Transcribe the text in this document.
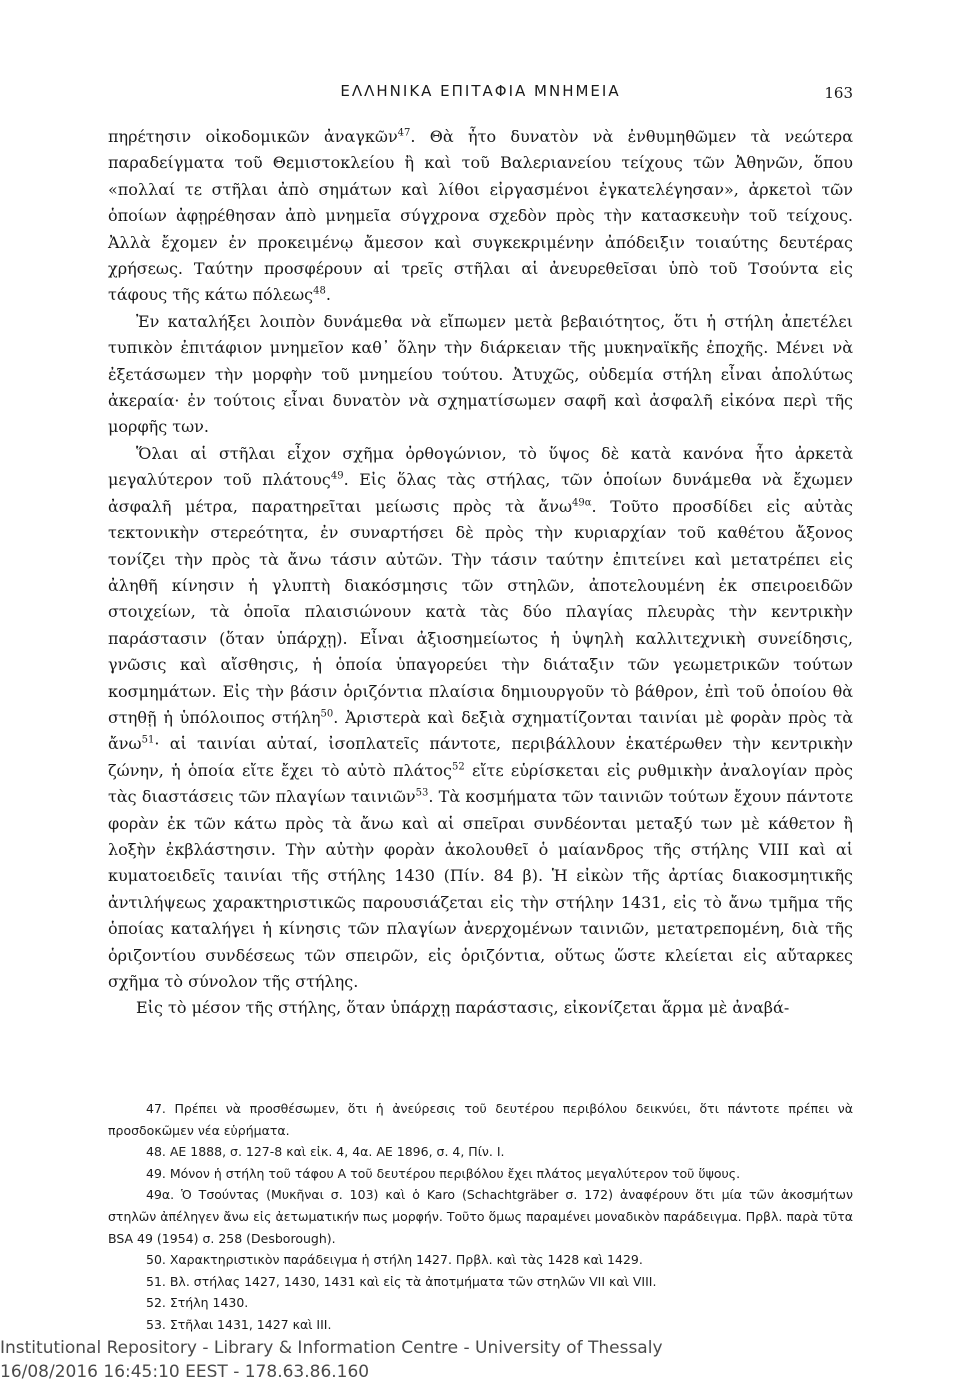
ΕΛΛΗΝΙΚΑ ΕΠΙΤΑΦΙΑ ΜΝΗΜΕΙΑ	163

πηρέτησιν οἰκοδομικῶν ἀναγκῶν$^{47}$. Θὰ ἦτο δυνατὸν νὰ ἐνθυμηθῶμεν τὰ νεώτερα παραδείγματα τοῦ Θεμιστοκλείου ἢ καὶ τοῦ Βαλεριανείου τείχους τῶν Ἀθηνῶν, ὅπου «πολλαί τε στῆλαι ἀπὸ σημάτων καὶ λίθοι εἰργασμένοι ἐγκατελέγησαν», ἀρκετοὶ τῶν ὁποίων ἀφῃρέθησαν ἀπὸ μνημεῖα σύγχρονα σχεδὸν πρὸς τὴν κατασκευὴν τοῦ τείχους. Ἀλλὰ ἔχομεν ἐν προκειμένῳ ἄμεσον καὶ συγκεκριμένην ἀπόδειξιν τοιαύτης δευτέρας χρήσεως. Ταύτην προσφέρουν αἱ τρεῖς στῆλαι αἱ ἀνευρεθεῖσαι ὑπὸ τοῦ Τσούντα εἰς τάφους τῆς κάτω πόλεως$^{48}$.

Ἐν καταλήξει λοιπὸν δυνάμεθα νὰ εἴπωμεν μετὰ βεβαιότητος, ὅτι ἡ στήλη ἀπετέλει τυπικὸν ἐπιτάφιον μνημεῖον καθ᾽ ὅλην τὴν διάρκειαν τῆς μυκηναϊκῆς ἐποχῆς. Μένει νὰ ἐξετάσωμεν τὴν μορφὴν τοῦ μνημείου τούτου. Ἀτυχῶς, οὐδεμία στήλη εἶναι ἀπολύτως ἀκεραία· ἐν τούτοις εἶναι δυνατὸν νὰ σχηματίσωμεν σαφῆ καὶ ἀσφαλῆ εἰκόνα περὶ τῆς μορφῆς των.

Ὅλαι αἱ στῆλαι εἶχον σχῆμα ὀρθογώνιον, τὸ ὕψος δὲ κατὰ κανόνα ἦτο ἀρκετὰ μεγαλύτερον τοῦ πλάτους$^{49}$. Εἰς ὅλας τὰς στήλας, τῶν ὁποίων δυνάμεθα νὰ ἔχωμεν ἀσφαλῆ μέτρα, παρατηρεῖται μείωσις πρὸς τὰ ἄνω$^{49\alpha}$. Τοῦτο προσδίδει εἰς αὐτὰς τεκτονικὴν στερεότητα, ἐν συναρτήσει δὲ πρὸς τὴν κυριαρχίαν τοῦ καθέτου ἄξονος τονίζει τὴν πρὸς τὰ ἄνω τάσιν αὐτῶν. Τὴν τάσιν ταύτην ἐπιτείνει καὶ μετατρέπει εἰς ἀληθῆ κίνησιν ἡ γλυπτὴ διακόσμησις τῶν στηλῶν, ἀποτελουμένη ἐκ σπειροειδῶν στοιχείων, τὰ ὁποῖα πλαισιώνουν κατὰ τὰς δύο πλαγίας πλευρὰς τὴν κεντρικὴν παράστασιν (ὅταν ὑπάρχῃ). Εἶναι ἀξιοσημείωτος ἡ ὑψηλὴ καλλιτεχνικὴ συνείδησις, γνῶσις καὶ αἴσθησις, ἡ ὁποία ὑπαγορεύει τὴν διάταξιν τῶν γεωμετρικῶν τούτων κοσμημάτων. Εἰς τὴν βάσιν ὁριζόντια πλαίσια δημιουργοῦν τὸ βάθρον, ἐπὶ τοῦ ὁποίου θὰ στηθῇ ἡ ὑπόλοιπος στήλη$^{50}$. Ἀριστερὰ καὶ δεξιὰ σχηματίζονται ταινίαι μὲ φορὰν πρὸς τὰ ἄνω$^{51}$· αἱ ταινίαι αὐταί, ἰσοπλατεῖς πάντοτε, περιβάλλουν ἑκατέρωθεν τὴν κεντρικὴν ζώνην, ἡ ὁποία εἴτε ἔχει τὸ αὐτὸ πλάτος$^{52}$ εἴτε εὑρίσκεται εἰς ρυθμικὴν ἀναλογίαν πρὸς τὰς διαστάσεις τῶν πλαγίων ταινιῶν$^{53}$. Τὰ κοσμήματα τῶν ταινιῶν τούτων ἔχουν πάντοτε φορὰν ἐκ τῶν κάτω πρὸς τὰ ἄνω καὶ αἱ σπεῖραι συνδέονται μεταξύ των μὲ κάθετον ἢ λοξὴν ἐκβλάστησιν. Τὴν αὐτὴν φορὰν ἀκολουθεῖ ὁ μαίανδρος τῆς στήλης VIII καὶ αἱ κυματοειδεῖς ταινίαι τῆς στήλης 1430 (Πίν. 84 β). Ἡ εἰκὼν τῆς ἀρτίας διακοσμητικῆς ἀντιλήψεως χαρακτηριστικῶς παρουσιάζεται εἰς τὴν στήλην 1431, εἰς τὸ ἄνω τμῆμα τῆς ὁποίας καταλήγει ἡ κίνησις τῶν πλαγίων ἀνερχομένων ταινιῶν, μετατρεπομένη, διὰ τῆς ὁριζοντίου συνδέσεως τῶν σπειρῶν, εἰς ὁριζόντια, οὕτως ὥστε κλείεται εἰς αὔταρκες σχῆμα τὸ σύνολον τῆς στήλης.

Εἰς τὸ μέσον τῆς στήλης, ὅταν ὑπάρχῃ παράστασις, εἰκονίζεται ἅρμα μὲ ἀναβά-

47. Πρέπει νὰ προσθέσωμεν, ὅτι ἡ ἀνεύρεσις τοῦ δευτέρου περιβόλου δεικνύει, ὅτι πάντοτε πρέπει νὰ προσδοκῶμεν νέα εὑρήματα.

48. ΑΕ 1888, σ. 127-8 καὶ εἰκ. 4, 4α. ΑΕ 1896, σ. 4, Πίν. Ι.

49. Μόνον ἡ στήλη τοῦ τάφου Α τοῦ δευτέρου περιβόλου ἔχει πλάτος μεγαλύτερον τοῦ ὕψους.

49α. Ὁ Τσούντας (Μυκῆναι σ. 103) καὶ ὁ Karo (Schachtgräber σ. 172) ἀναφέρουν ὅτι μία τῶν ἀκοσμήτων στηλῶν ἀπέληγεν ἄνω εἰς ἀετωματικήν πως μορφήν. Τοῦτο ὅμως παραμένει μοναδικὸν παράδειγμα. Πρβλ. παρὰ τῦτα BSA 49 (1954) σ. 258 (Desborough).

50. Χαρακτηριστικὸν παράδειγμα ἡ στήλη 1427. Πρβλ. καὶ τὰς 1428 καὶ 1429.

51. Βλ. στήλας 1427, 1430, 1431 καὶ εἰς τὰ ἀποτμήματα τῶν στηλῶν VII καὶ VIII.

52. Στήλη 1430.

53. Στῆλαι 1431, 1427 καὶ ΙΙΙ.

Institutional Repository - Library & Information Centre - University of Thessaly
16/08/2016 16:45:10 EEST - 178.63.86.160
